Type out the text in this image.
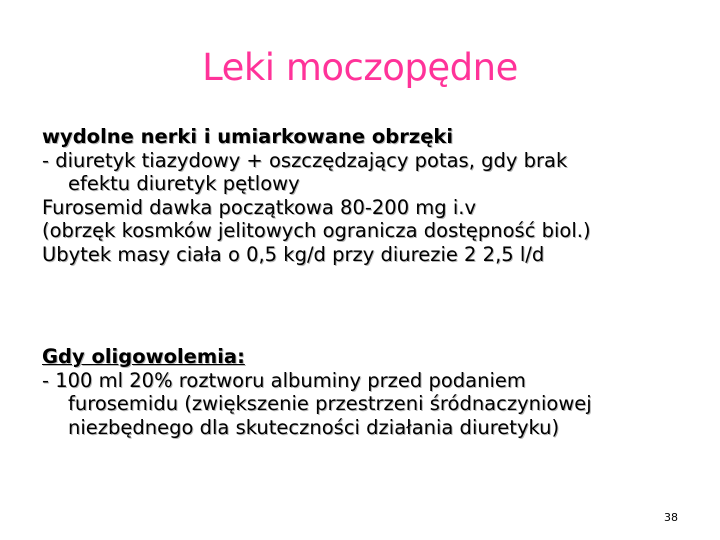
Leki moczopędne
wydolne nerki i umiarkowane obrzęki
- diuretyk tiazydowy + oszczędzający potas, gdy brak
efektu diuretyk pętlowy
Furosemid dawka początkowa 80-200 mg i.v
(obrzęk kosmków jelitowych ogranicza dostępność biol.)
Ubytek masy ciała o 0,5 kg/d przy diurezie 2 2,5 l/d
Gdy oligowolemia:
- 100 ml 20% roztworu albuminy przed podaniem
furosemidu (zwiększenie przestrzeni śródnaczyniowej
niezbędnego dla skuteczności działania diuretyku)
38
